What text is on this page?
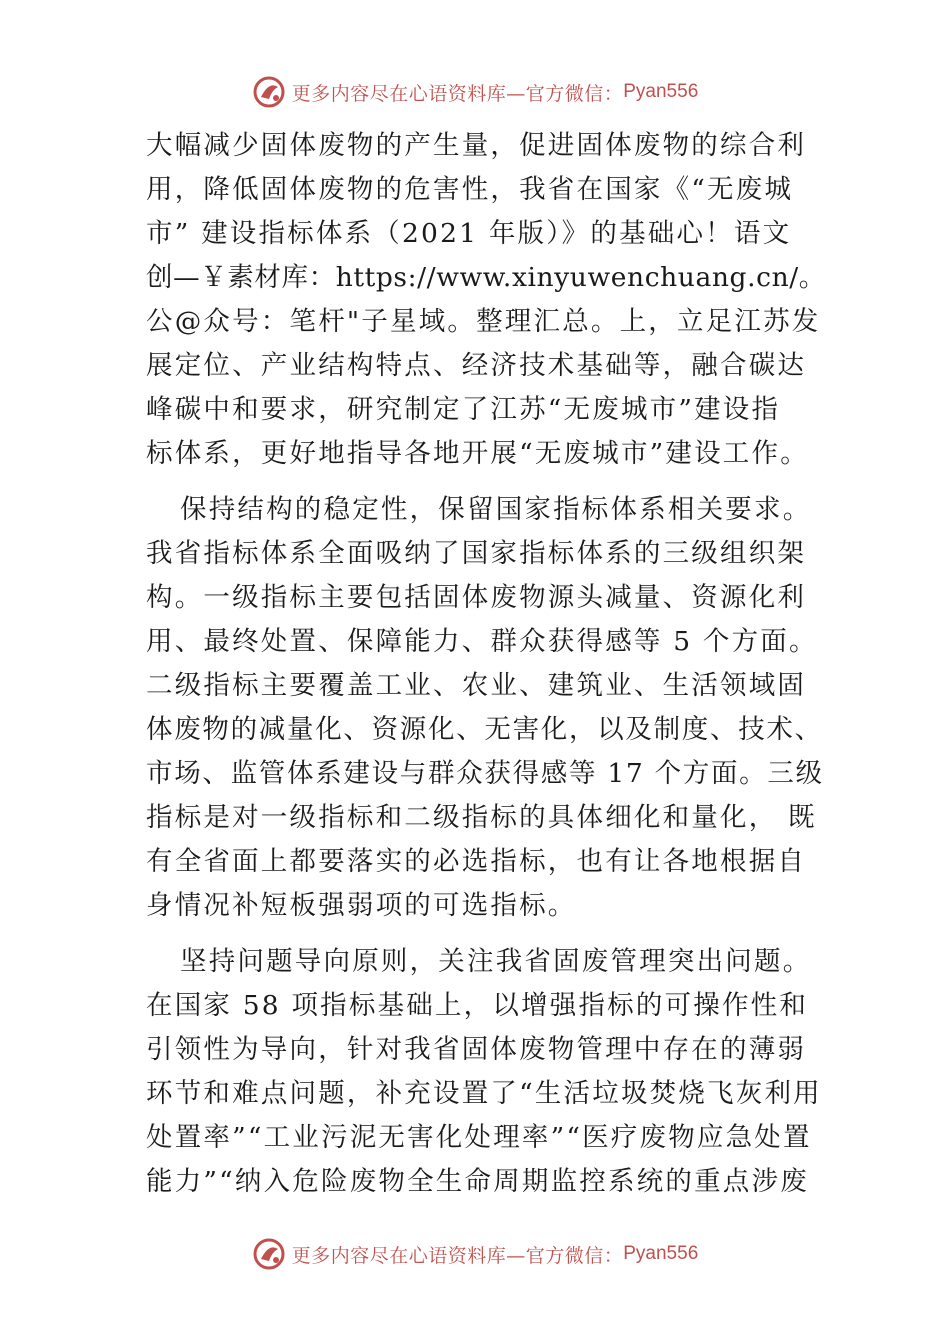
更多内容尽在心语资料库—官方微信： Pyan556
大幅减少固体废物的产生量，促进固体废物的综合利
用，降低固体废物的危害性，我省在国家《“无废城
市” 建设指标体系（2021 年版）》的基础心！语文
创—￥素材库：https://www.xinyuwenchuang.cn/。
公@众号：笔杆"子星域。整理汇总。上，立足江苏发
展定位、产业结构特点、经济技术基础等，融合碳达
峰碳中和要求，研究制定了江苏“无废城市”建设指
标体系，更好地指导各地开展“无废城市”建设工作。
保持结构的稳定性，保留国家指标体系相关要求。
我省指标体系全面吸纳了国家指标体系的三级组织架
构。一级指标主要包括固体废物源头减量、资源化利
用、最终处置、保障能力、群众获得感等 5 个方面。
二级指标主要覆盖工业、农业、建筑业、生活领域固
体废物的减量化、资源化、无害化，以及制度、技术、
市场、监管体系建设与群众获得感等 17 个方面。三级
指标是对一级指标和二级指标的具体细化和量化， 既
有全省面上都要落实的必选指标，也有让各地根据自
身情况补短板强弱项的可选指标。
坚持问题导向原则，关注我省固废管理突出问题。
在国家 58 项指标基础上，以增强指标的可操作性和
引领性为导向，针对我省固体废物管理中存在的薄弱
环节和难点问题，补充设置了“生活垃圾焚烧飞灰利用
处置率”“工业污泥无害化处理率”“医疗废物应急处置
能力”“纳入危险废物全生命周期监控系统的重点涉废
更多内容尽在心语资料库—官方微信： Pyan556
